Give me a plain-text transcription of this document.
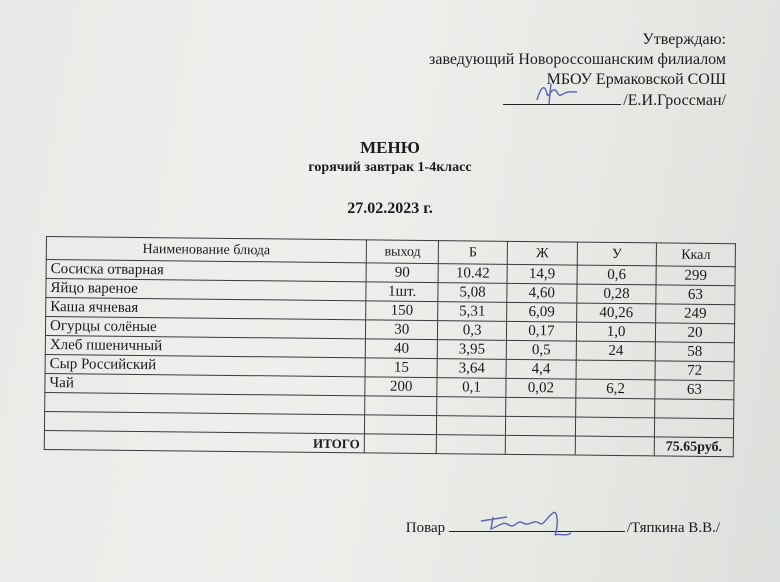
Утверждаю:
заведующий Новороссошанским филиалом
МБОУ Ермаковской СОШ
/Е.И.Гроссман/
МЕНЮ
горячий завтрак 1-4класс
27.02.2023 г.
Наименование блюда	выход	Б	Ж	У	Ккал
Сосиска отварная	90	10.42	14,9	0,6	299
Яйцо вареное	1шт.	5,08	4,60	0,28	63
Каша ячневая	150	5,31	6,09	40,26	249
Огурцы солёные	30	0,3	0,17	1,0	20
Хлеб пшеничный	40	3,95	0,5	24	58
Сыр Российский	15	3,64	4,4		72
Чай	200	0,1	0,02	6,2	63

ИТОГО					75.65руб.
Повар	/Тяпкина В.В./
